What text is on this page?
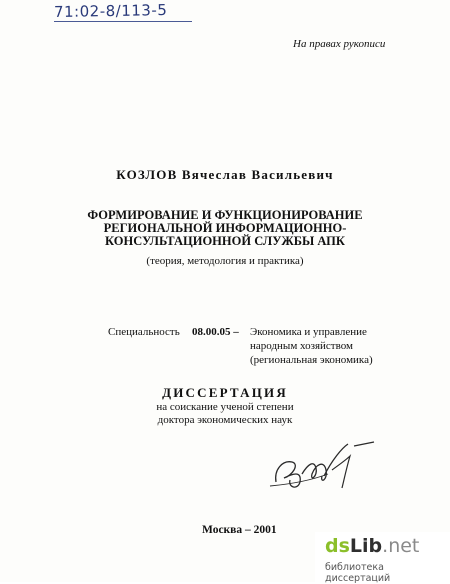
71:02-8/113-5
На правах рукописи
КОЗЛОВ Вячеслав Васильевич
ФОРМИРОВАНИЕ И ФУНКЦИОНИРОВАНИЕ
РЕГИОНАЛЬНОЙ ИНФОРМАЦИОННО-
КОНСУЛЬТАЦИОННОЙ СЛУЖБЫ АПК
(теория, методология и практика)
Специальность 08.00.05 – Экономика и управление
народным хозяйством
(региональная экономика)
ДИССЕРТАЦИЯ
на соискание ученой степени
доктора экономических наук
Москва – 2001
dsLib.net
библиотека диссертаций
